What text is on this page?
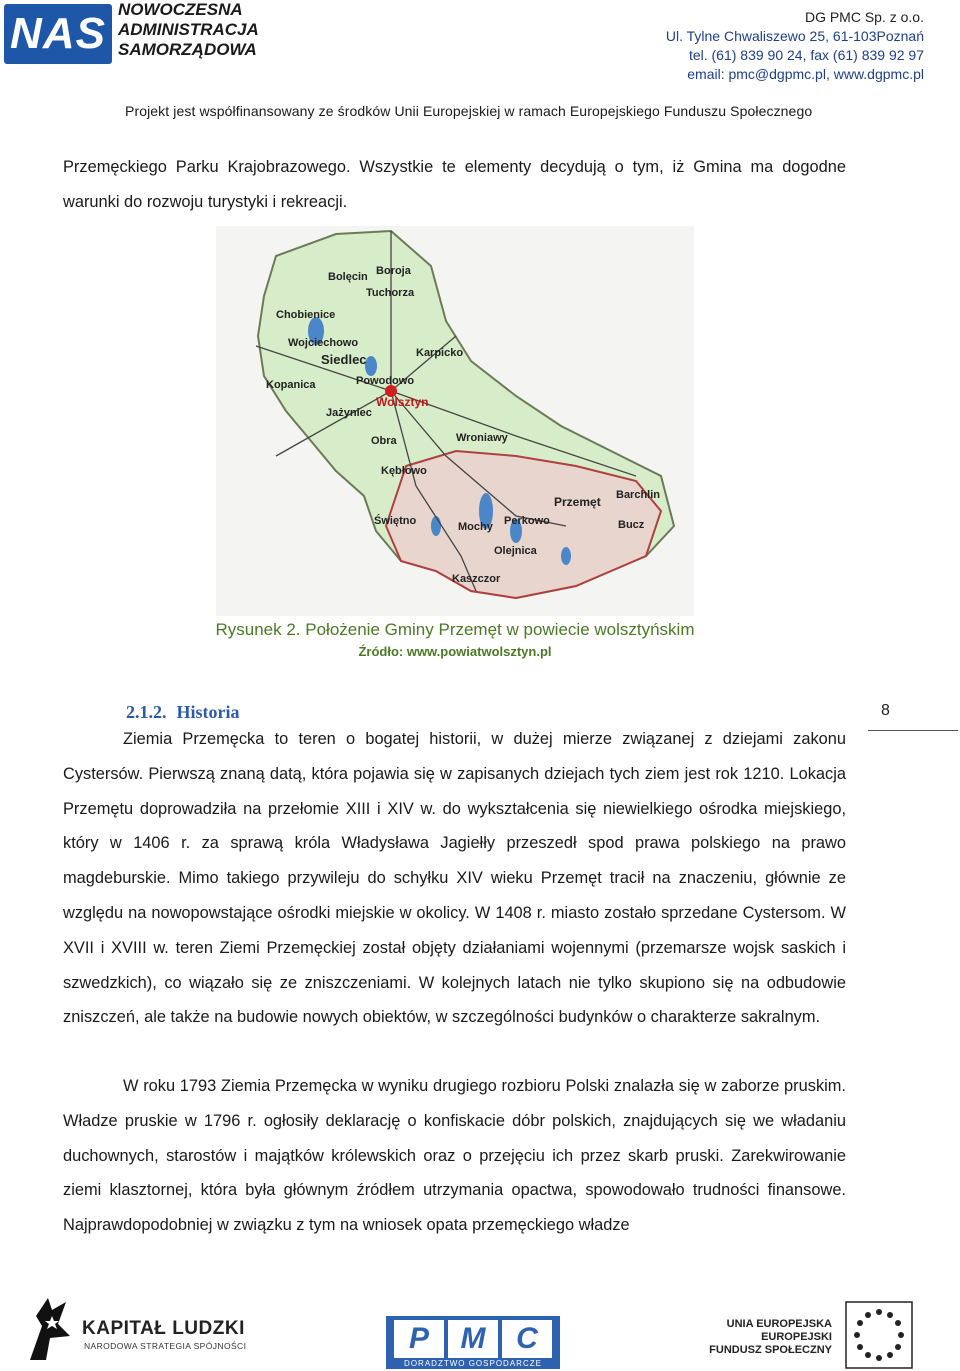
NAS NOWOCZESNA
ADMINISTRACJA
SAMORZĄDOWA
DG PMC Sp. z o.o.
Ul. Tylne Chwaliszewo 25, 61-103Poznań
tel. (61) 839 90 24, fax (61) 839 92 97
email: pmc@dgpmc.pl, www.dgpmc.pl
Projekt jest współfinansowany ze środków Unii Europejskiej w ramach Europejskiego Funduszu Społecznego
Przemęckiego Parku Krajobrazowego. Wszystkie te elementy decydują o tym, iż Gmina ma dogodne warunki do rozwoju turystyki i rekreacji.
Bolęcin Boroja
Tuchorza
Chobienice
Wojciechowo
Siedlec	Karpicko
Powodowo
Kopanica
Wolsztyn
Jażyniec
Obra	Wroniawy
Kębłowo
Przemęt Barchlin
Świętno	Mochy Perkowo	Bucz
Olejnica
Kaszczor
Rysunek 2. Położenie Gminy Przemęt w powiecie wolsztyńskim
Źródło: www.powiatwolsztyn.pl
2.1.2. Historia	8
Ziemia Przemęcka to teren o bogatej historii, w dużej mierze związanej z dziejami zakonu Cystersów. Pierwszą znaną datą, która pojawia się w zapisanych dziejach tych ziem jest rok 1210. Lokacja Przemętu doprowadziła na przełomie XIII i XIV w. do wykształcenia się niewielkiego ośrodka miejskiego, który w 1406 r. za sprawą króla Władysława Jagiełły przeszedł spod prawa polskiego na prawo magdeburskie. Mimo takiego przywileju do schyłku XIV wieku Przemęt tracił na znaczeniu, głównie ze względu na nowopowstające ośrodki miejskie w okolicy. W 1408 r. miasto zostało sprzedane Cystersom. W XVII i XVIII w. teren Ziemi Przemęckiej został objęty działaniami wojennymi (przemarsze wojsk saskich i szwedzkich), co wiązało się ze zniszczeniami. W kolejnych latach nie tylko skupiono się na odbudowie zniszczeń, ale także na budowie nowych obiektów, w szczególności budynków o charakterze sakralnym.
W roku 1793 Ziemia Przemęcka w wyniku drugiego rozbioru Polski znalazła się w zaborze pruskim. Władze pruskie w 1796 r. ogłosiły deklarację o konfiskacie dóbr polskich, znajdujących się we władaniu duchownych, starostów i majątków królewskich oraz o przejęciu ich przez skarb pruski. Zarekwirowanie ziemi klasztornej, która była głównym źródłem utrzymania opactwa, spowodowało trudności finansowe. Najprawdopodobniej w związku z tym na wniosek opata przemęckiego władze
KAPITAŁ LUDZKI
NARODOWA STRATEGIA SPÓJNOŚCI	P	M	C
DORADZTWO GOSPODARCZE
UNIA EUROPEJSKA
EUROPEJSKI
FUNDUSZ SPOŁECZNY
